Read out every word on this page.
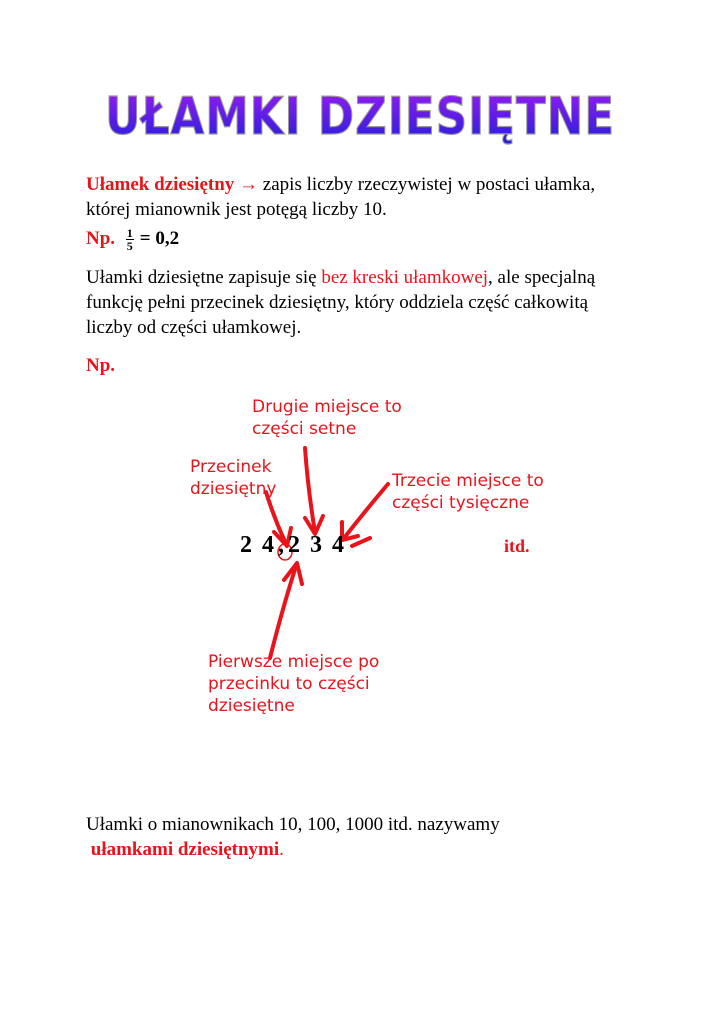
UŁAMKI DZIESIĘTNE
Ułamek dziesiętny → zapis liczby rzeczywistej w postaci ułamka,
której mianownik jest potęgą liczby 10.
Np. $\frac{1}{5} = 0,2$
Ułamki dziesiętne zapisuje się bez kreski ułamkowej, ale specjalną
funkcję pełni przecinek dziesiętny, który oddziela część całkowitą
liczby od części ułamkowej.
Np.
Drugie miejsce to
części setne
Przecinek
dziesiętny	Trzecie miejsce to
części tysięczne
2 4,2 3 4	itd.
Pierwsze miejsce po
przecinku to części
dziesiętne
Ułamki o mianownikach 10, 100, 1000 itd. nazywamy
ułamkami dziesiętnymi.
